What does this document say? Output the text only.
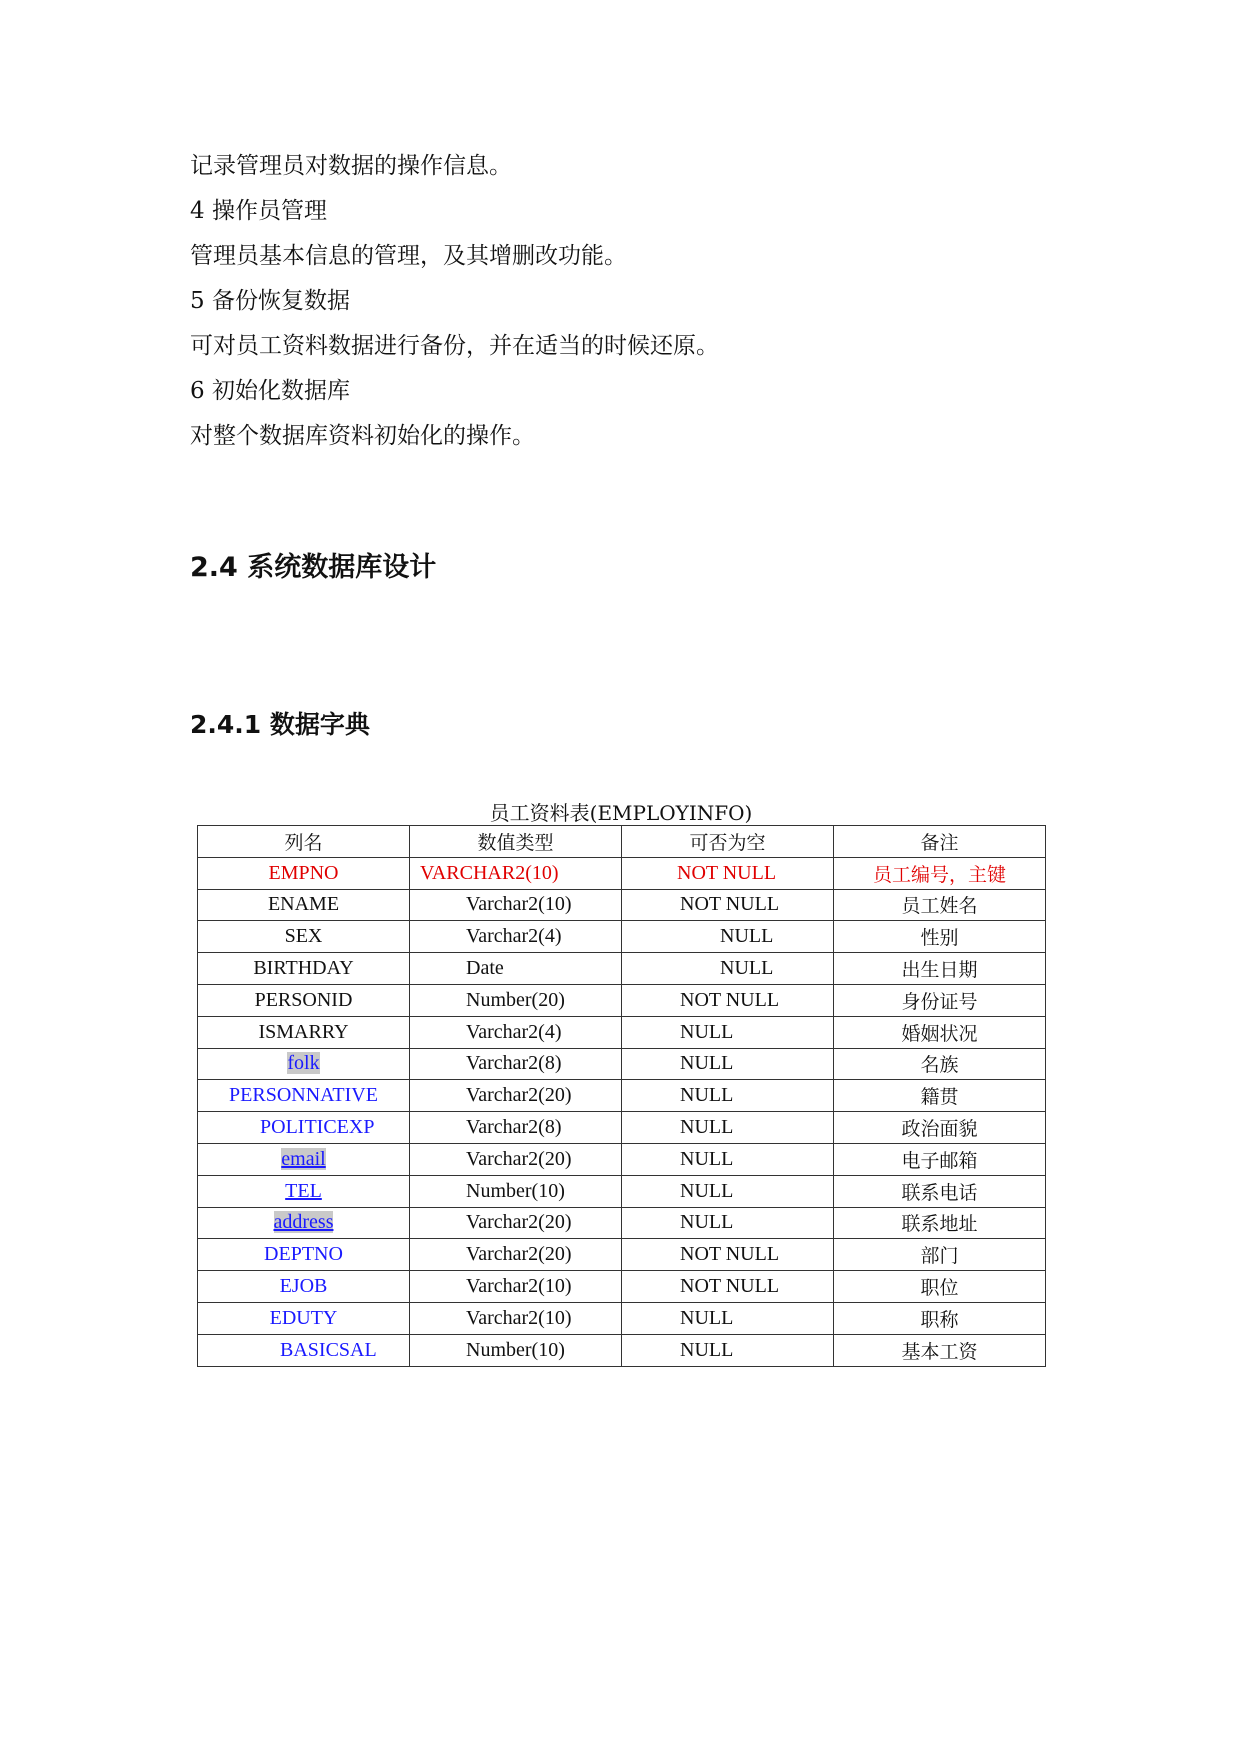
记录管理员对数据的操作信息。
4 操作员管理
管理员基本信息的管理，及其增删改功能。
5 备份恢复数据
可对员工资料数据进行备份，并在适当的时候还原。
6 初始化数据库
对整个数据库资料初始化的操作。
2.4 系统数据库设计
2.4.1 数据字典
员工资料表(EMPLOYINFO)
列名	数值类型	可否为空	备注
EMPNO	VARCHAR2(10)	NOT NULL	员工编号，主键
ENAME	Varchar2(10)	NOT NULL	员工姓名
SEX	Varchar2(4)	NULL	性别
BIRTHDAY	Date	NULL	出生日期
PERSONID	Number(20)	NOT NULL	身份证号
ISMARRY	Varchar2(4)	NULL	婚姻状况
folk	Varchar2(8)	NULL	名族
PERSONNATIVE	Varchar2(20)	NULL	籍贯
POLITICEXP	Varchar2(8)	NULL	政治面貌
email	Varchar2(20)	NULL	电子邮箱
TEL	Number(10)	NULL	联系电话
address	Varchar2(20)	NULL	联系地址
DEPTNO	Varchar2(20)	NOT NULL	部门
EJOB	Varchar2(10)	NOT NULL	职位
EDUTY	Varchar2(10)	NULL	职称
BASICSAL	Number(10)	NULL	基本工资
